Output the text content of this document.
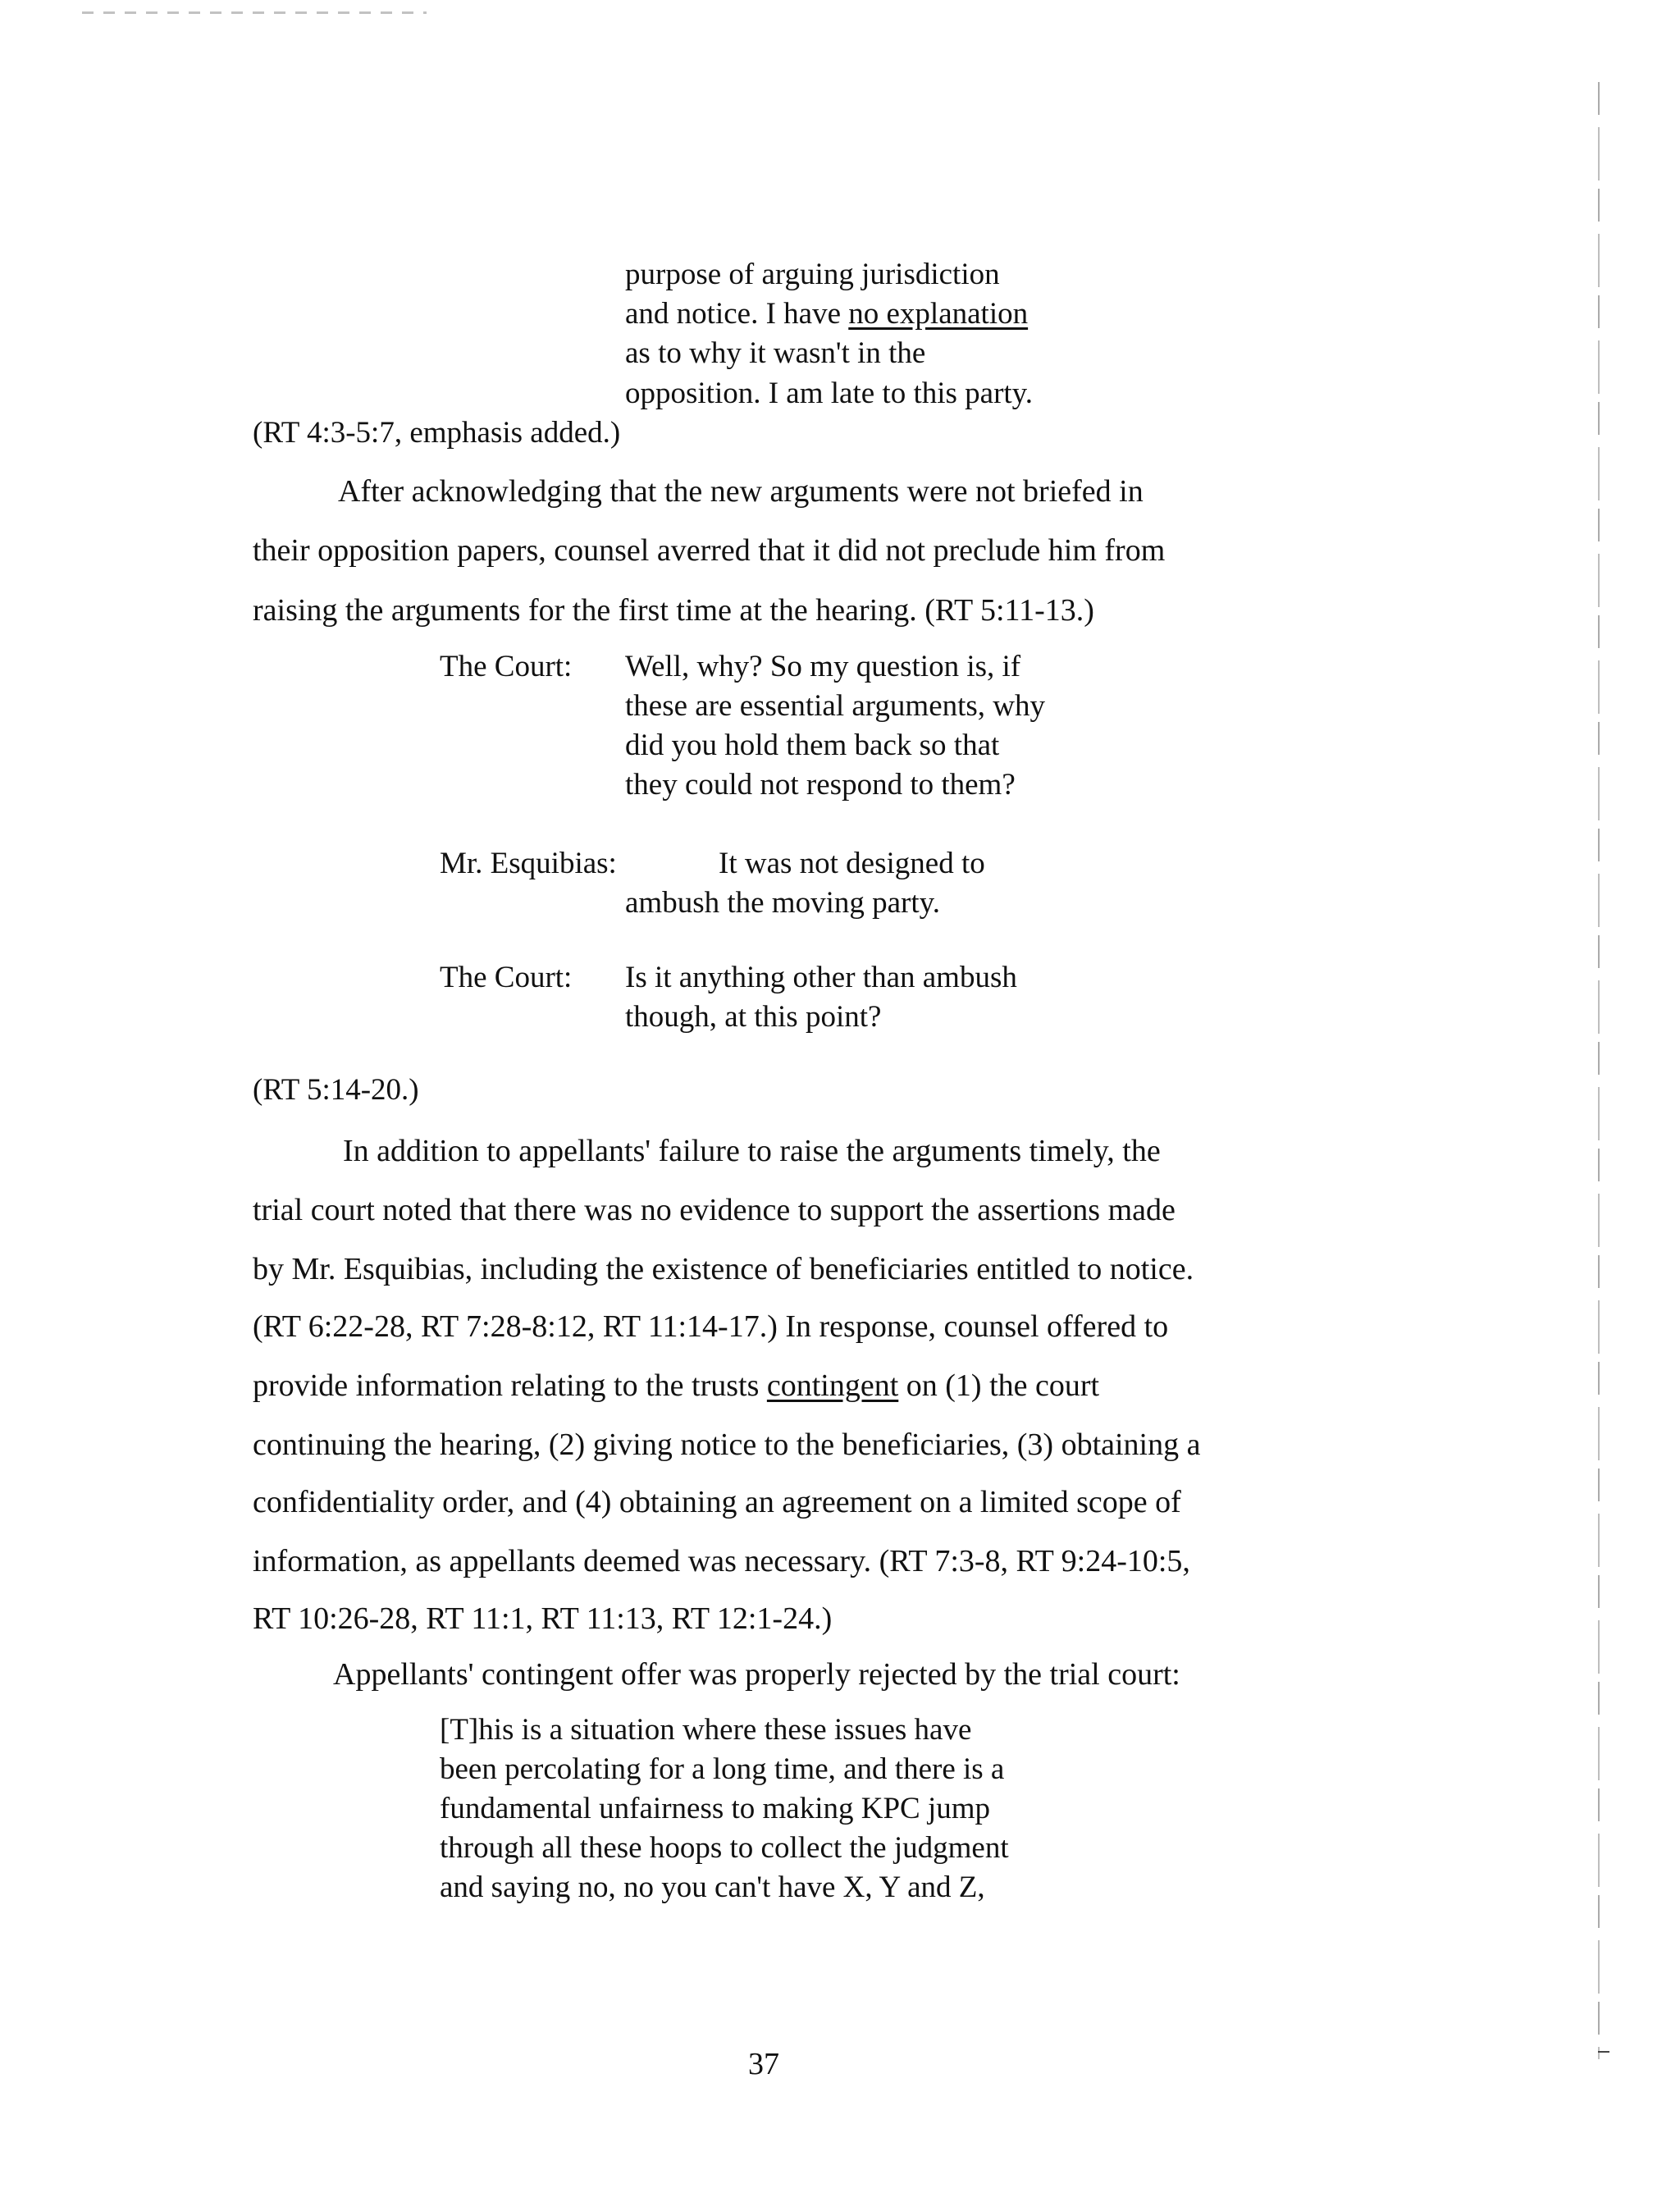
purpose of arguing jurisdiction
and notice. I have no explanation
as to why it wasn't in the
opposition. I am late to this party.
(RT 4:3-5:7, emphasis added.)
After acknowledging that the new arguments were not briefed in
their opposition papers, counsel averred that it did not preclude him from
raising the arguments for the first time at the hearing. (RT 5:11-13.)
The Court: Well, why? So my question is, if
these are essential arguments, why
did you hold them back so that
they could not respond to them?
Mr. Esquibias:	It was not designed to
ambush the moving party.
The Court: Is it anything other than ambush
though, at this point?
(RT 5:14-20.)
In addition to appellants' failure to raise the arguments timely, the
trial court noted that there was no evidence to support the assertions made
by Mr. Esquibias, including the existence of beneficiaries entitled to notice.
(RT 6:22-28, RT 7:28-8:12, RT 11:14-17.) In response, counsel offered to
provide information relating to the trusts contingent on (1) the court
continuing the hearing, (2) giving notice to the beneficiaries, (3) obtaining a
confidentiality order, and (4) obtaining an agreement on a limited scope of
information, as appellants deemed was necessary. (RT 7:3-8, RT 9:24-10:5,
RT 10:26-28, RT 11:1, RT 11:13, RT 12:1-24.)
Appellants' contingent offer was properly rejected by the trial court:
[T]his is a situation where these issues have
been percolating for a long time, and there is a
fundamental unfairness to making KPC jump
through all these hoops to collect the judgment
and saying no, no you can't have X, Y and Z,
37
